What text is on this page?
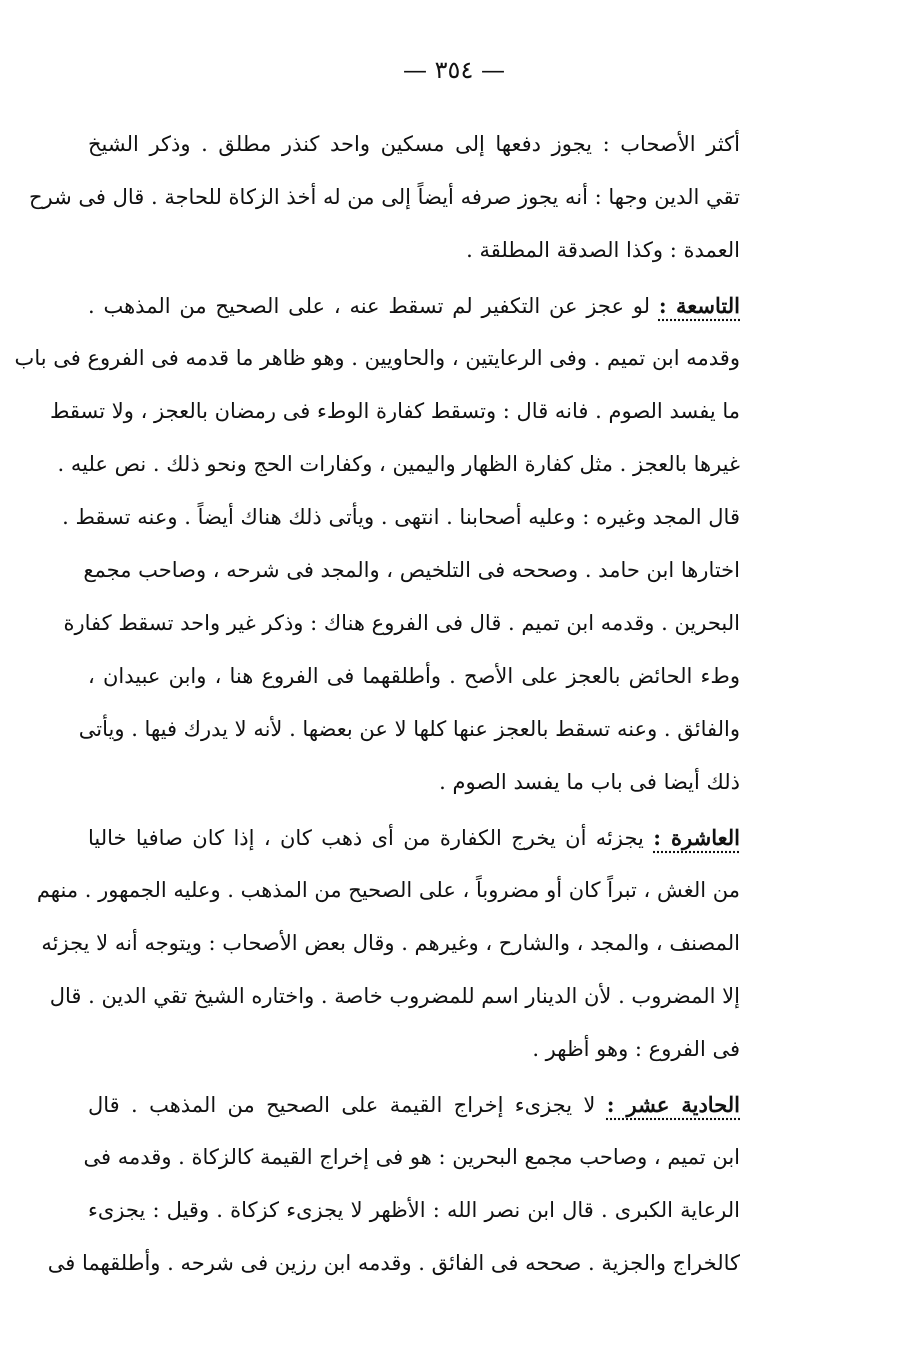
— ٣٥٤ —
أكثر الأصحاب : يجوز دفعها إلى مسكين واحد كنذر مطلق . وذكر الشيخ
تقي الدين وجها : أنه يجوز صرفه أيضاً إلى من له أخذ الزكاة للحاجة . قال فى شرح
العمدة : وكذا الصدقة المطلقة .
التاسعة : لو عجز عن التكفير لم تسقط عنه ، على الصحيح من المذهب .
وقدمه ابن تميم . وفى الرعايتين ، والحاويين . وهو ظاهر ما قدمه فى الفروع فى باب
ما يفسد الصوم . فانه قال : وتسقط كفارة الوطء فى رمضان بالعجز ، ولا تسقط
غيرها بالعجز . مثل كفارة الظهار واليمين ، وكفارات الحج ونحو ذلك . نص عليه .
قال المجد وغيره : وعليه أصحابنا . انتهى . ويأتى ذلك هناك أيضاً . وعنه تسقط .
اختارها ابن حامد . وصححه فى التلخيص ، والمجد فى شرحه ، وصاحب مجمع
البحرين . وقدمه ابن تميم . قال فى الفروع هناك : وذكر غير واحد تسقط كفارة
وطء الحائض بالعجز على الأصح . وأطلقهما فى الفروع هنا ، وابن عبيدان ،
والفائق . وعنه تسقط بالعجز عنها كلها لا عن بعضها . لأنه لا يدرك فيها . ويأتى
ذلك أيضا فى باب ما يفسد الصوم .
العاشرة : يجزئه أن يخرج الكفارة من أى ذهب كان ، إذا كان صافيا خاليا
من الغش ، تبراً كان أو مضروباً ، على الصحيح من المذهب . وعليه الجمهور . منهم
المصنف ، والمجد ، والشارح ، وغيرهم . وقال بعض الأصحاب : ويتوجه أنه لا يجزئه
إلا المضروب . لأن الدينار اسم للمضروب خاصة . واختاره الشيخ تقي الدين . قال
فى الفروع : وهو أظهر .
الحادية عشر : لا يجزىء إخراج القيمة على الصحيح من المذهب . قال
ابن تميم ، وصاحب مجمع البحرين : هو فى إخراج القيمة كالزكاة . وقدمه فى
الرعاية الكبرى . قال ابن نصر الله : الأظهر لا يجزىء كزكاة . وقيل : يجزىء
كالخراج والجزية . صححه فى الفائق . وقدمه ابن رزين فى شرحه . وأطلقهما فى
